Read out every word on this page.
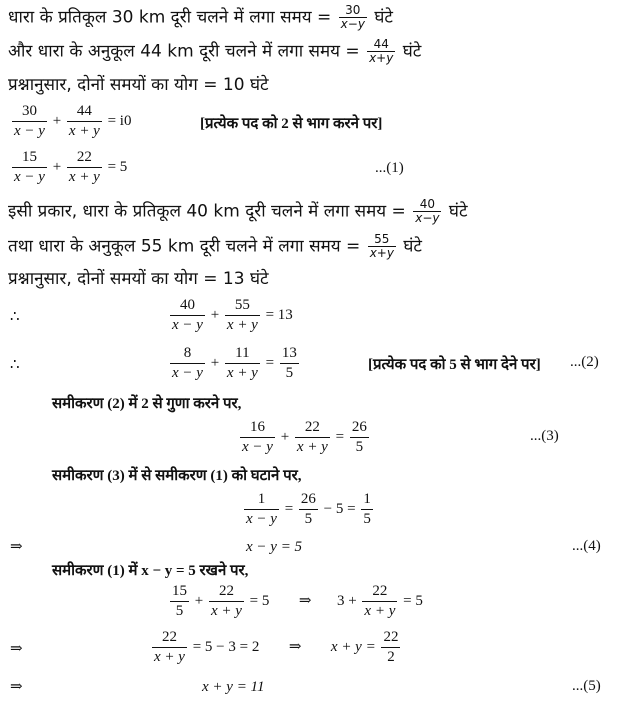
धारा के प्रतिकूल 30 km दूरी चलने में लगा समय = $\frac{30}{x-y}$ घंटे
और धारा के अनुकूल 44 km दूरी चलने में लगा समय = $\frac{44}{x+y}$ घंटे
प्रश्नानुसार, दोनों समयों का योग = 10 घंटे
$\frac{30}{x - y} + \frac{44}{x + y} = i0$	[प्रत्येक पद को 2 से भाग करने पर]
$\frac{15}{x - y} + \frac{22}{x + y} = 5$	...(1)
इसी प्रकार, धारा के प्रतिकूल 40 km दूरी चलने में लगा समय = $\frac{40}{x-y}$ घंटे
तथा धारा के अनुकूल 55 km दूरी चलने में लगा समय = $\frac{55}{x+y}$ घंटे
प्रश्नानुसार, दोनों समयों का योग = 13 घंटे
∴	$\frac{40}{x - y} + \frac{55}{x + y} = 13$
∴	$\frac{8}{x - y} + \frac{11}{x + y} = \frac{13}{5}$	[प्रत्येक पद को 5 से भाग देने पर] ...(2)
समीकरण (2) में 2 से गुणा करने पर,
$\frac{16}{x - y} + \frac{22}{x + y} = \frac{26}{5}$	...(3)
समीकरण (3) में से समीकरण (1) को घटाने पर,
$\frac{1}{x - y} = \frac{26}{5} - 5 = \frac{1}{5}$
⇒	x − y = 5	...(4)
समीकरण (1) में x − y = 5 रखने पर,
$\frac{15}{5} + \frac{22}{x + y} = 5$ ⇒ $3 + \frac{22}{x + y} = 5$
⇒	$\frac{22}{x + y} = 5 - 3 = 2$ ⇒ $x + y = \frac{22}{2}$
⇒	x + y = 11	...(5)
